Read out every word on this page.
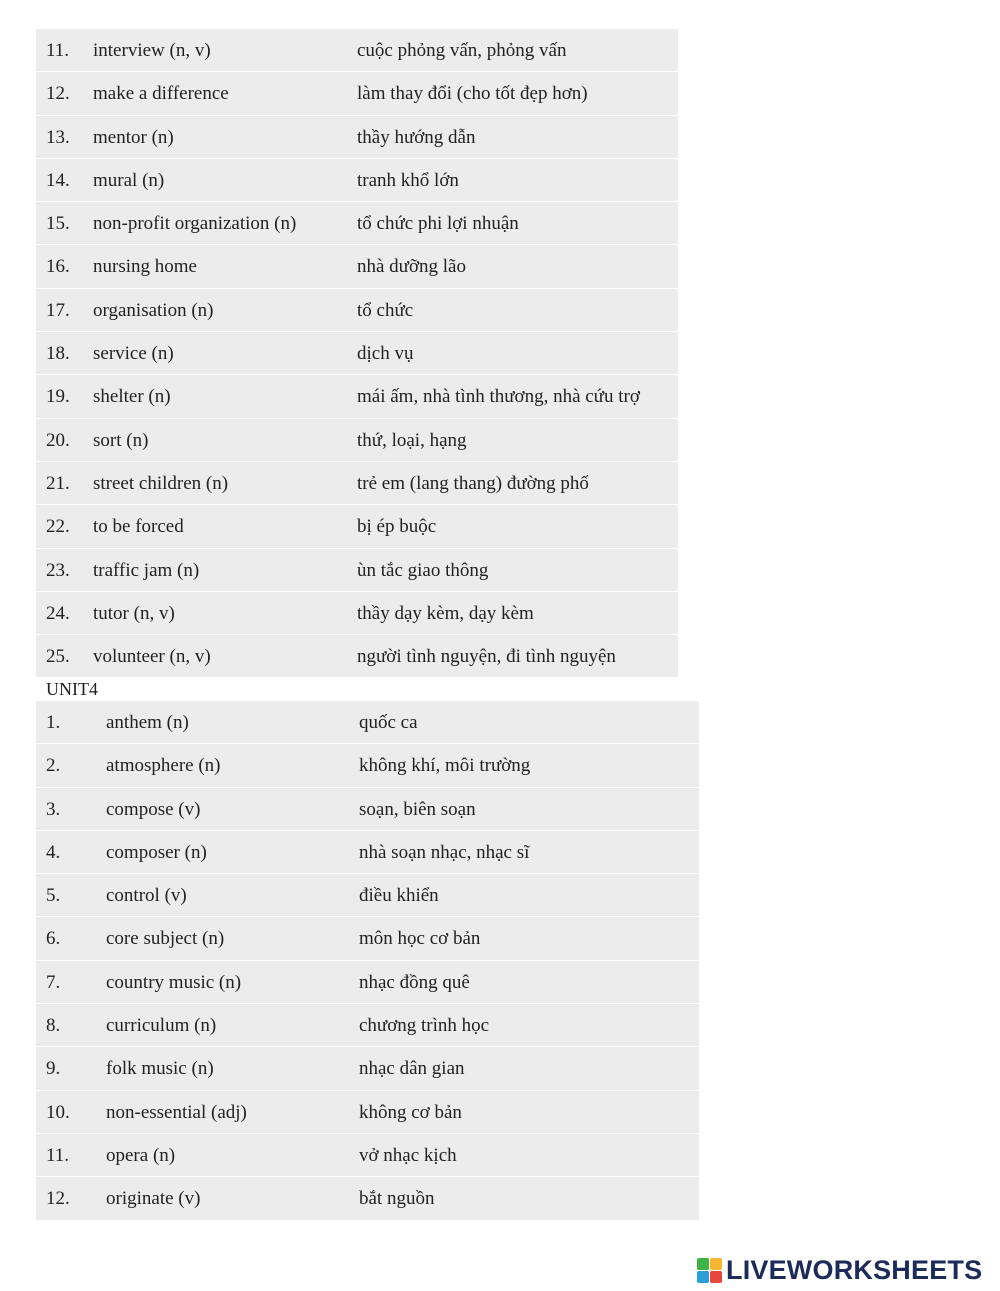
11. interview (n, v)	cuộc phỏng vấn, phỏng vấn
12. make a difference	làm thay đổi (cho tốt đẹp hơn)
13. mentor (n)	thầy hướng dẫn
14. mural (n)	tranh khổ lớn
15. non-profit organization (n)	tổ chức phi lợi nhuận
16. nursing home	nhà dưỡng lão
17. organisation (n)	tổ chức
18. service (n)	dịch vụ
19. shelter (n)	mái ấm, nhà tình thương, nhà cứu trợ
20. sort (n)	thứ, loại, hạng
21. street children (n)	trẻ em (lang thang) đường phố
22. to be forced	bị ép buộc
23. traffic jam (n)	ùn tắc giao thông
24. tutor (n, v)	thầy dạy kèm, dạy kèm
25. volunteer (n, v)	người tình nguyện, đi tình nguyện
UNIT4
1. anthem (n)	quốc ca
2. atmosphere (n)	không khí, môi trường
3. compose (v)	soạn, biên soạn
4. composer (n)	nhà soạn nhạc, nhạc sĩ
5. control (v)	điều khiển
6. core subject (n)	môn học cơ bản
7. country music (n)	nhạc đồng quê
8. curriculum (n)	chương trình học
9. folk music (n)	nhạc dân gian
10. non-essential (adj)	không cơ bản
11. opera (n)	vở nhạc kịch
12. originate (v)	bắt nguồn
LIVEWORKSHEETS
